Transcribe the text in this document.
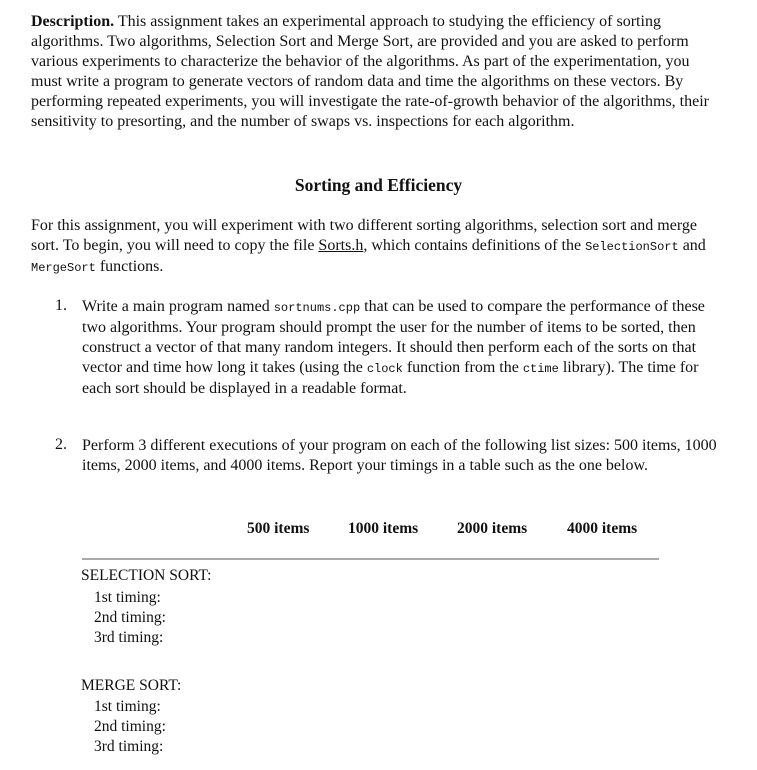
Description. This assignment takes an experimental approach to studying the efficiency of sorting algorithms. Two algorithms, Selection Sort and Merge Sort, are provided and you are asked to perform various experiments to characterize the behavior of the algorithms. As part of the experimentation, you must write a program to generate vectors of random data and time the algorithms on these vectors. By performing repeated experiments, you will investigate the rate-of-growth behavior of the algorithms, their sensitivity to presorting, and the number of swaps vs. inspections for each algorithm.
Sorting and Efficiency
For this assignment, you will experiment with two different sorting algorithms, selection sort and merge sort. To begin, you will need to copy the file Sorts.h, which contains definitions of the SelectionSort and MergeSort functions.
1. Write a main program named sortnums.cpp that can be used to compare the performance of these two algorithms. Your program should prompt the user for the number of items to be sorted, then construct a vector of that many random integers. It should then perform each of the sorts on that vector and time how long it takes (using the clock function from the ctime library). The time for each sort should be displayed in a readable format.
2. Perform 3 different executions of your program on each of the following list sizes: 500 items, 1000 items, 2000 items, and 4000 items. Report your timings in a table such as the one below.
500 items 1000 items	2000 items	4000 items
SELECTION SORT:
1st timing:
2nd timing:
3rd timing:
MERGE SORT:
1st timing:
2nd timing:
3rd timing:
